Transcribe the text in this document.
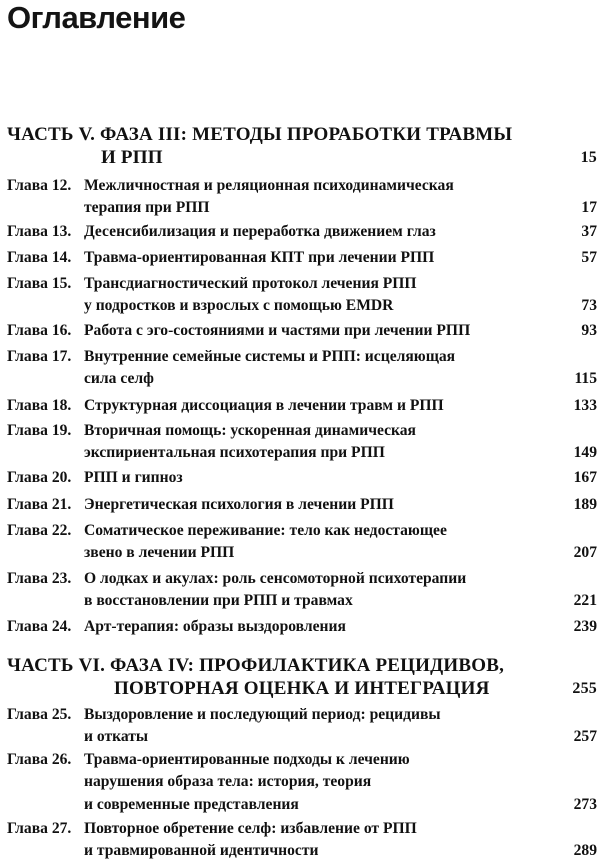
Оглавление
ЧАСТЬ V. ФАЗА III: МЕТОДЫ ПРОРАБОТКИ ТРАВМЫ
И РПП	15
Глава 12. Межличностная и реляционная психодинамическая
терапия при РПП	17
Глава 13. Десенсибилизация и переработка движением глаз	37
Глава 14. Травма-ориентированная КПТ при лечении РПП	57
Глава 15. Трансдиагностический протокол лечения РПП
у подростков и взрослых с помощью EMDR	73
Глава 16. Работа с эго-состояниями и частями при лечении РПП	93
Глава 17. Внутренние семейные системы и РПП: исцеляющая
сила селф	115
Глава 18. Структурная диссоциация в лечении травм и РПП	133
Глава 19. Вторичная помощь: ускоренная динамическая
экспириентальная психотерапия при РПП	149
Глава 20. РПП и гипноз	167
Глава 21. Энергетическая психология в лечении РПП	189
Глава 22. Соматическое переживание: тело как недостающее
звено в лечении РПП	207
Глава 23. О лодках и акулах: роль сенсомоторной психотерапии
в восстановлении при РПП и травмах	221
Глава 24. Арт-терапия: образы выздоровления	239
ЧАСТЬ VI. ФАЗА IV: ПРОФИЛАКТИКА РЕЦИДИВОВ,
ПОВТОРНАЯ ОЦЕНКА И ИНТЕГРАЦИЯ	255
Глава 25. Выздоровление и последующий период: рецидивы
и откаты	257
Глава 26. Травма-ориентированные подходы к лечению
нарушения образа тела: история, теория
и современные представления	273
Глава 27. Повторное обретение селф: избавление от РПП
и травмированной идентичности	289
